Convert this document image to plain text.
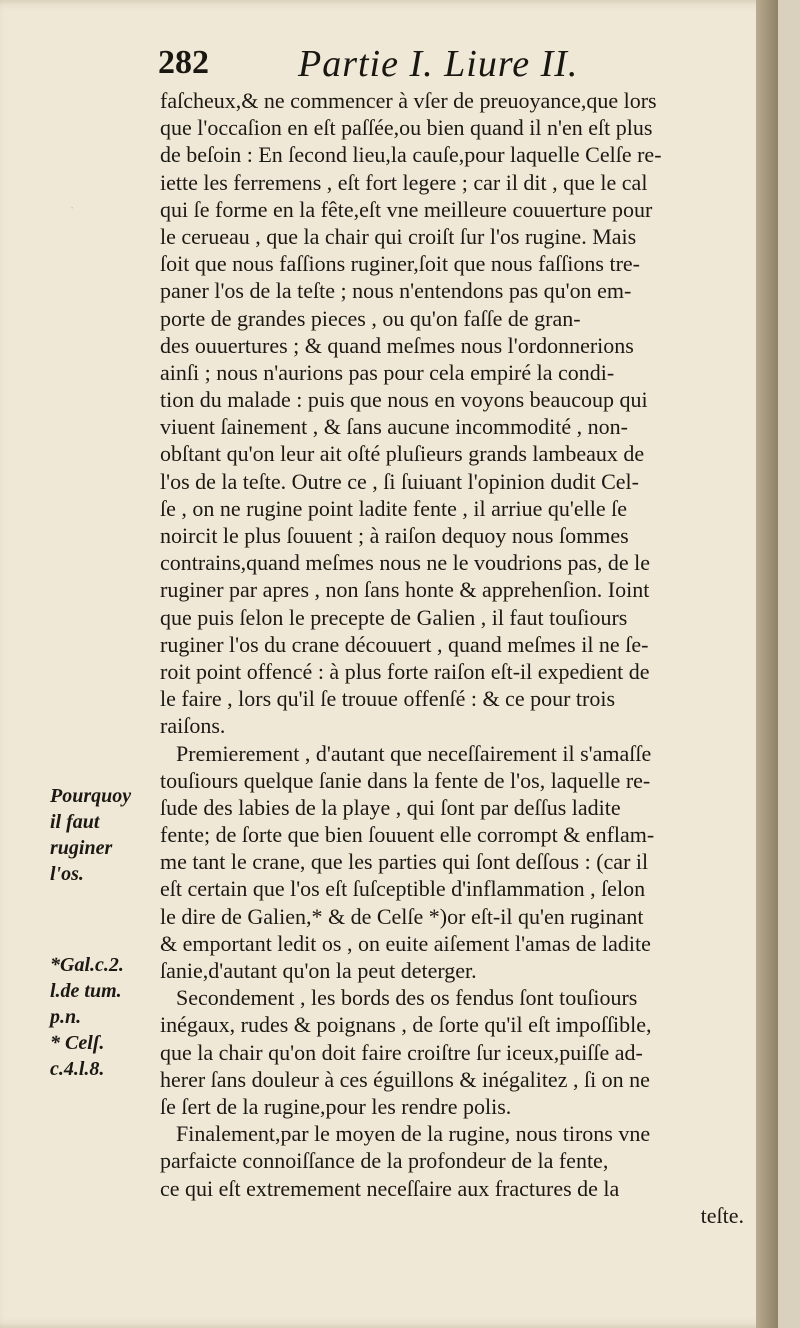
282 Partie I. Liure II.
·
faſcheux,& ne commencer à vſer de preuoyance,que lors
que l'occaſion en eſt paſſée,ou bien quand il n'en eſt plus
de beſoin : En ſecond lieu,la cauſe,pour laquelle Celſe re-
iette les ferremens , eſt fort legere ; car il dit , que le cal
qui ſe forme en la fête,eſt vne meilleure couuerture pour
le cerueau , que la chair qui croiſt ſur l'os rugine. Mais
ſoit que nous faſſions ruginer,ſoit que nous faſſions tre-
paner l'os de la teſte ; nous n'entendons pas qu'on em-
porte de grandes pieces , ou qu'on faſſe de gran-
des ouuertures ; & quand meſmes nous l'ordonnerions
ainſi ; nous n'aurions pas pour cela empiré la condi-
tion du malade : puis que nous en voyons beaucoup qui
viuent ſainement , & ſans aucune incommodité , non-
obſtant qu'on leur ait oſté pluſieurs grands lambeaux de
l'os de la teſte. Outre ce , ſi ſuiuant l'opinion dudit Cel-
ſe , on ne rugine point ladite fente , il arriue qu'elle ſe
noircit le plus ſouuent ; à raiſon dequoy nous ſommes
contrains,quand meſmes nous ne le voudrions pas, de le
ruginer par apres , non ſans honte & apprehenſion. Ioint
que puis ſelon le precepte de Galien , il faut touſiours
ruginer l'os du crane découuert , quand meſmes il ne ſe-
roit point offencé : à plus forte raiſon eſt-il expedient de
le faire , lors qu'il ſe trouue offenſé : & ce pour trois
raiſons.
Premierement , d'autant que neceſſairement il s'amaſſe
touſiours quelque ſanie dans la fente de l'os, laquelle re-
ſude des labies de la playe , qui ſont par deſſus ladite
fente; de ſorte que bien ſouuent elle corrompt & enflam-
me tant le crane, que les parties qui ſont deſſous : (car il
eſt certain que l'os eſt ſuſceptible d'inflammation , ſelon
le dire de Galien,* & de Celſe *)or eſt-il qu'en ruginant
& emportant ledit os , on euite aiſement l'amas de ladite
ſanie,d'autant qu'on la peut deterger.
Secondement , les bords des os fendus ſont touſiours
inégaux, rudes & poignans , de ſorte qu'il eſt impoſſible,
que la chair qu'on doit faire croiſtre ſur iceux,puiſſe ad-
herer ſans douleur à ces éguillons & inégalitez , ſi on ne
ſe ſert de la rugine,pour les rendre polis.
Finalement,par le moyen de la rugine, nous tirons vne
parfaicte connoiſſance de la profondeur de la fente,
ce qui eſt extremement neceſſaire aux fractures de la
teſte.
Pourquoy
il faut
ruginer
l'os.
*Gal.c.2.
l.de tum.
p.n.
* Celſ.
c.4.l.8.
